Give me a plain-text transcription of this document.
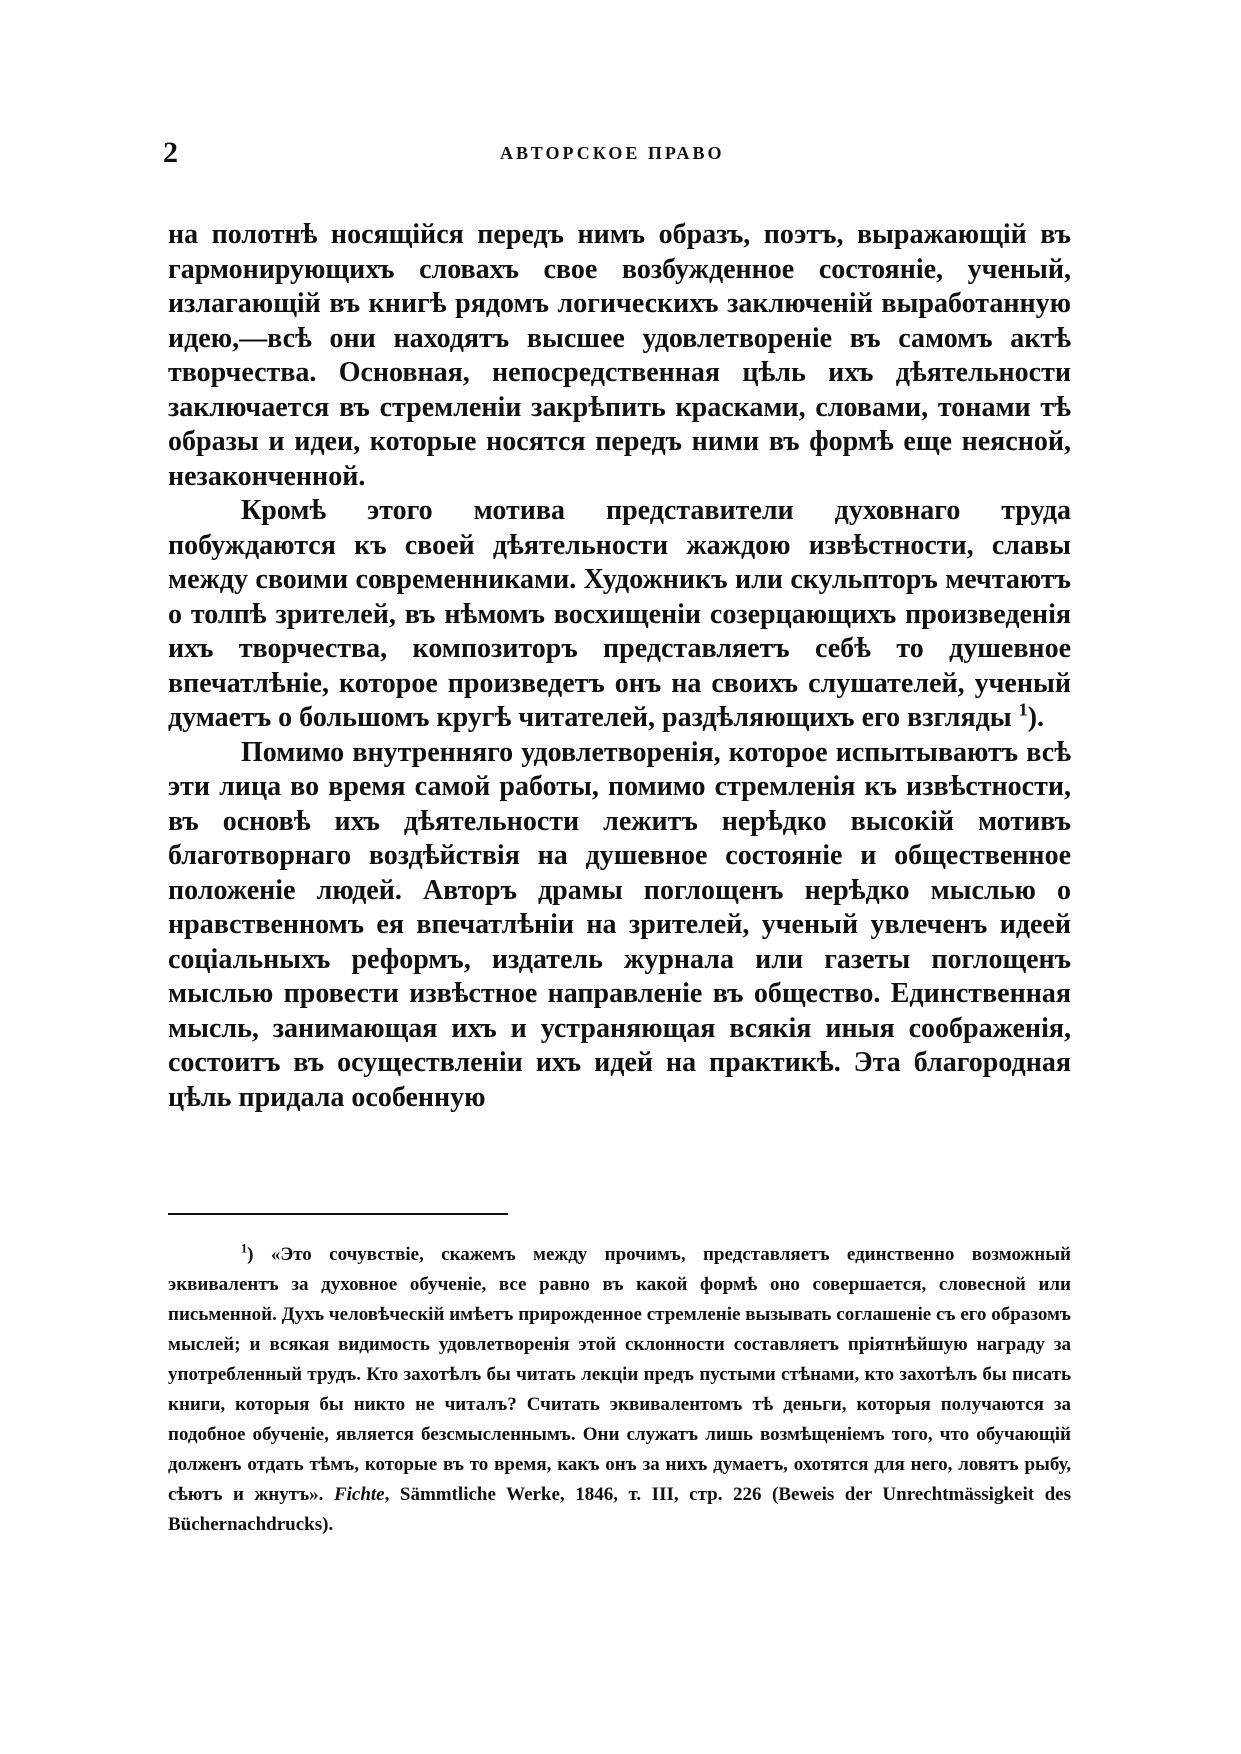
2	АВТОРСКОЕ ПРАВО

на полотнѣ носящійся передъ нимъ образъ, поэтъ, выражающій въ гармонирующихъ словахъ свое возбужденное состояніе, ученый, излагающій въ книгѣ рядомъ логическихъ заключеній выработанную идею,—всѣ они находятъ высшее удовлетвореніе въ самомъ актѣ творчества. Основная, непосредственная цѣль ихъ дѣятельности заключается въ стремленіи закрѣпить красками, словами, тонами тѣ образы и идеи, которые носятся передъ ними въ формѣ еще неясной, незаконченной.

Кромѣ этого мотива представители духовнаго труда побуждаются къ своей дѣятельности жаждою извѣстности, славы между своими современниками. Художникъ или скульпторъ мечтаютъ о толпѣ зрителей, въ нѣмомъ восхищеніи созерцающихъ произведенія ихъ творчества, композиторъ представляетъ себѣ то душевное впечатлѣніе, которое произведетъ онъ на своихъ слушателей, ученый думаетъ о большомъ кругѣ читателей, раздѣляющихъ его взгляды $^1$).

Помимо внутренняго удовлетворенія, которое испытываютъ всѣ эти лица во время самой работы, помимо стремленія къ извѣстности, въ основѣ ихъ дѣятельности лежитъ нерѣдко высокій мотивъ благотворнаго воздѣйствія на душевное состояніе и общественное положеніе людей. Авторъ драмы поглощенъ нерѣдко мыслью о нравственномъ ея впечатлѣніи на зрителей, ученый увлеченъ идеей соціальныхъ реформъ, издатель журнала или газеты поглощенъ мыслью провести извѣстное направленіе въ общество. Единственная мысль, занимающая ихъ и устраняющая всякія иныя соображенія, состоитъ въ осуществленіи ихъ идей на практикѣ. Эта благородная цѣль придала особенную

$^1$) «Это сочувствіе, скажемъ между прочимъ, представляетъ единственно возможный эквивалентъ за духовное обученіе, все равно въ какой формѣ оно совершается, словесной или письменной. Духъ человѣческій имѣетъ прирожденное стремленіе вызывать соглашеніе съ его образомъ мыслей; и всякая видимость удовлетворенія этой склонности составляетъ пріятнѣйшую награду за употребленный трудъ. Кто захотѣлъ бы читать лекціи предъ пустыми стѣнами, кто захотѣлъ бы писать книги, которыя бы никто не читалъ? Считать эквивалентомъ тѣ деньги, которыя получаются за подобное обученіе, является безсмысленнымъ. Они служатъ лишь возмѣщеніемъ того, что обучающій долженъ отдать тѣмъ, которые въ то время, какъ онъ за нихъ думаетъ, охотятся для него, ловятъ рыбу, сѣютъ и жнутъ». Fichte, Sämmtliche Werke, 1846, т. III, стр. 226 (Beweis der Unrechtmässigkeit des Büchernachdrucks).
